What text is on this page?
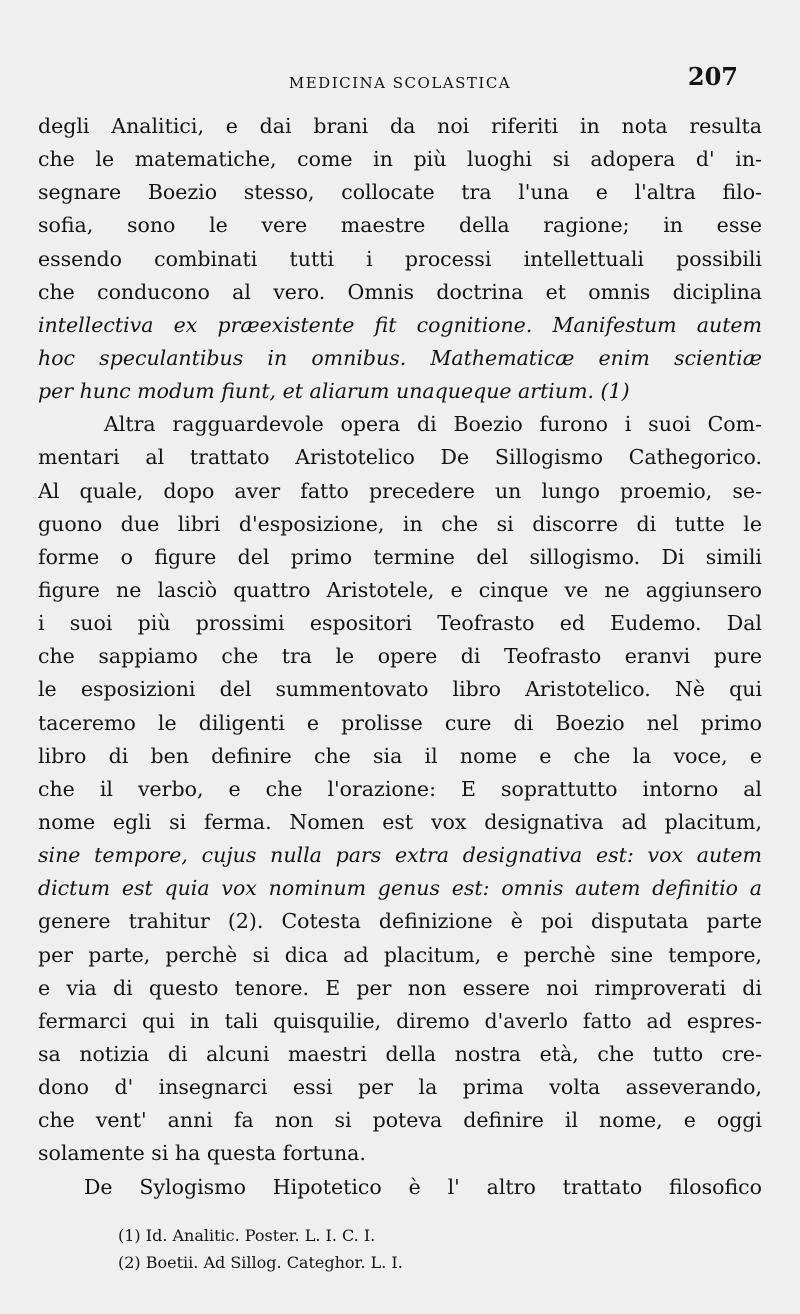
MEDICINA SCOLASTICA	207
degli Analitici, e dai brani da noi riferiti in nota resulta
che le matematiche, come in più luoghi si adopera d' in-
segnare Boezio stesso, collocate tra l'una e l'altra filo-
sofia, sono le vere maestre della ragione; in esse
essendo combinati tutti i processi intellettuali possibili
che conducono al vero. Omnis doctrina et omnis diciplina
intellectiva ex præexistente fit cognitione. Manifestum autem
hoc speculantibus in omnibus. Mathematicæ enim scientiæ
per hunc modum fiunt, et aliarum unaqueque artium. (1)
Altra ragguardevole opera di Boezio furono i suoi Com-
mentari al trattato Aristotelico De Sillogismo Cathegorico.
Al quale, dopo aver fatto precedere un lungo proemio, se-
guono due libri d'esposizione, in che si discorre di tutte le
forme o figure del primo termine del sillogismo. Di simili
figure ne lasciò quattro Aristotele, e cinque ve ne aggiunsero
i suoi più prossimi espositori Teofrasto ed Eudemo. Dal
che sappiamo che tra le opere di Teofrasto eranvi pure
le esposizioni del summentovato libro Aristotelico. Nè qui
taceremo le diligenti e prolisse cure di Boezio nel primo
libro di ben definire che sia il nome e che la voce, e
che il verbo, e che l'orazione: E soprattutto intorno al
nome egli si ferma. Nomen est vox designativa ad placitum,
sine tempore, cujus nulla pars extra designativa est: vox autem
dictum est quia vox nominum genus est: omnis autem definitio a
genere trahitur (2). Cotesta definizione è poi disputata parte
per parte, perchè si dica ad placitum, e perchè sine tempore,
e via di questo tenore. E per non essere noi rimproverati di
fermarci qui in tali quisquilie, diremo d'averlo fatto ad espres-
sa notizia di alcuni maestri della nostra età, che tutto cre-
dono d' insegnarci essi per la prima volta asseverando,
che vent' anni fa non si poteva definire il nome, e oggi
solamente si ha questa fortuna.
De Sylogismo Hipotetico è l' altro trattato filosofico
(1) Id. Analitic. Poster. L. I. C. I.
(2) Boetii. Ad Sillog. Categhor. L. I.
